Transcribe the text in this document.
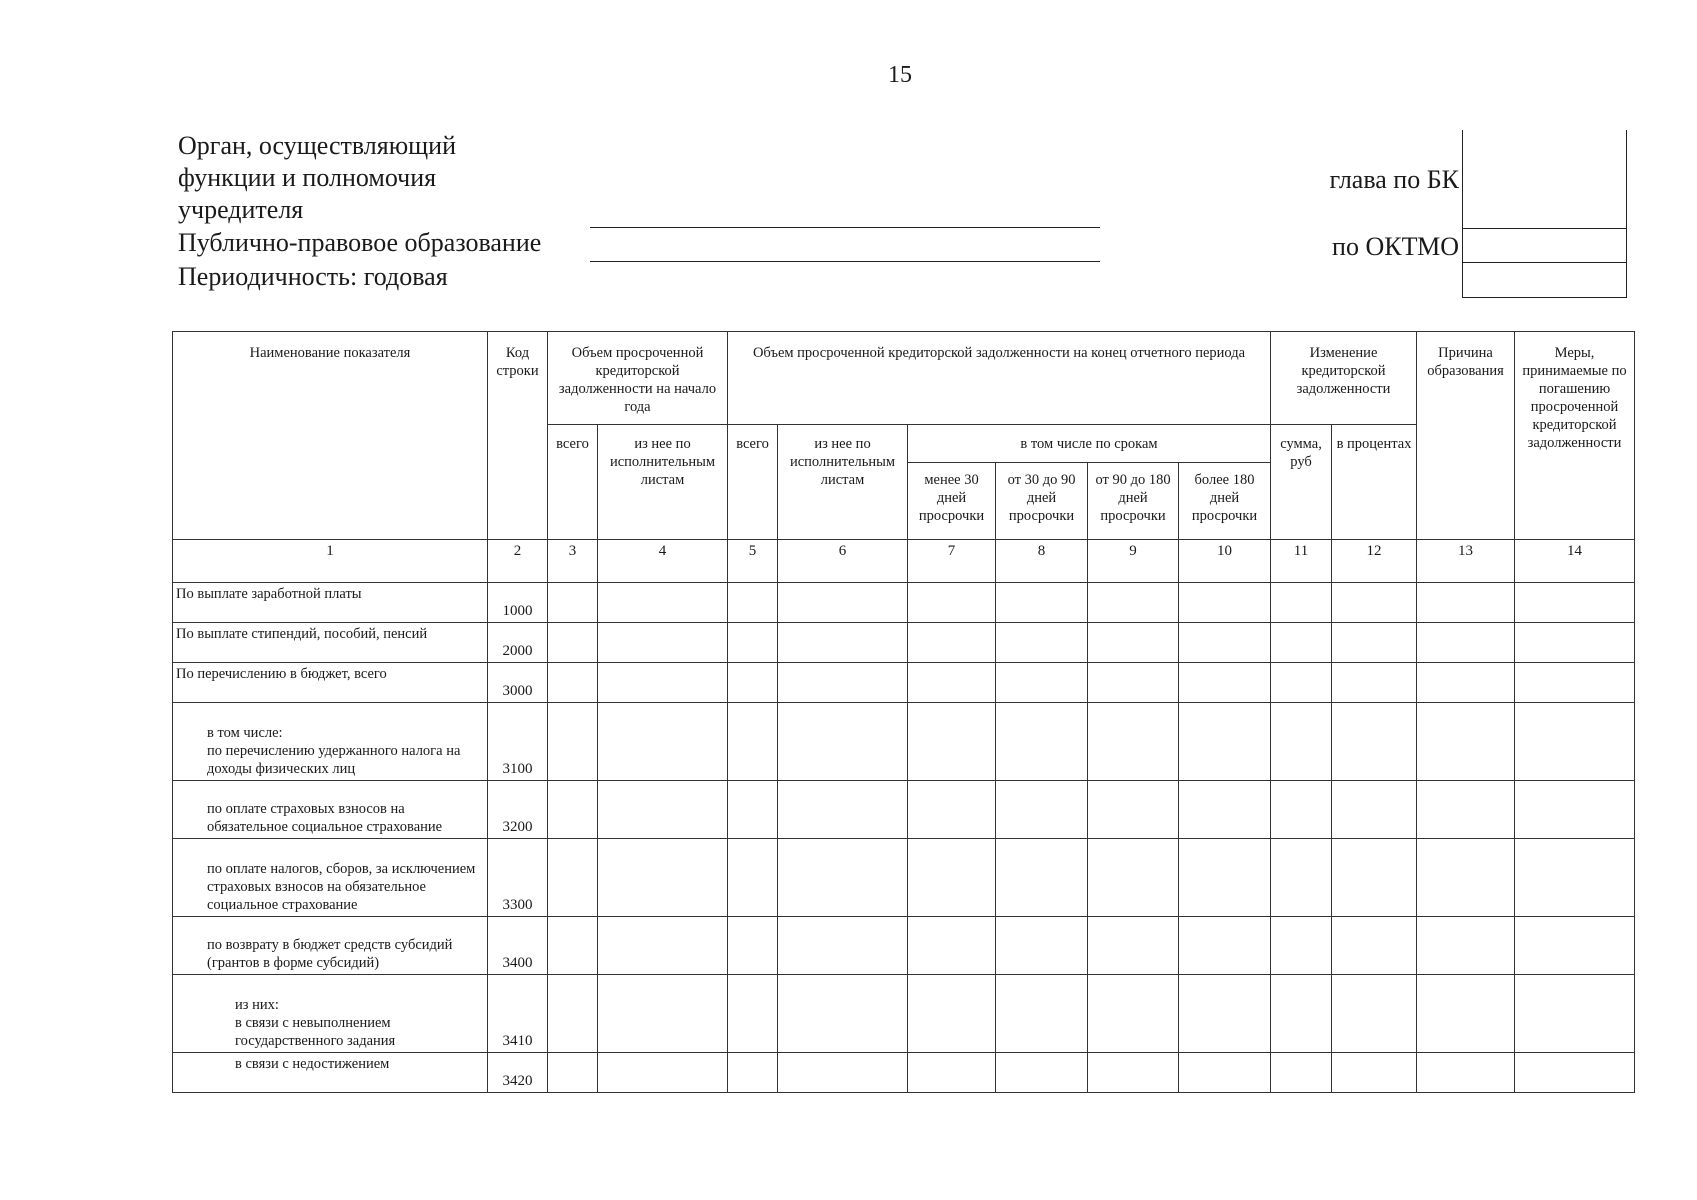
15
Орган, осуществляющий
функции и полномочия
учредителя
Публично-правовое образование
Периодичность: годовая
глава по БК
по ОКТМО
Наименование показателя	Код строки	Объем просроченной кредиторской задолженности на начало года		Объем просроченной кредиторской задолженности на конец отчетного периода						Изменение кредиторской задолженности		Причина образования	Меры, принимаемые по погашению просроченной кредиторской задолженности
		всего	из нее по исполнительным листам	всего	из нее по исполнительным листам	в том числе по срокам				сумма, руб	в процентах		
						менее 30 дней просрочки	от 30 до 90 дней просрочки	от 90 до 180 дней просрочки	более 180 дней просрочки				
1	2	3	4	5	6	7	8	9	10	11	12	13	14
По выплате заработной платы	1000												
По выплате стипендий, пособий, пенсий	2000												
По перечислению в бюджет, всего	3000												
в том числе:
по перечислению удержанного налога на доходы физических лиц	3100												
по оплате страховых взносов на обязательное социальное страхование	3200												
по оплате налогов, сборов, за исключением страховых взносов на обязательное социальное страхование	3300												
по возврату в бюджет средств субсидий (грантов в форме субсидий)	3400												
из них:
в связи с невыполнением государственного задания	3410												
в связи с недостижением	3420												
